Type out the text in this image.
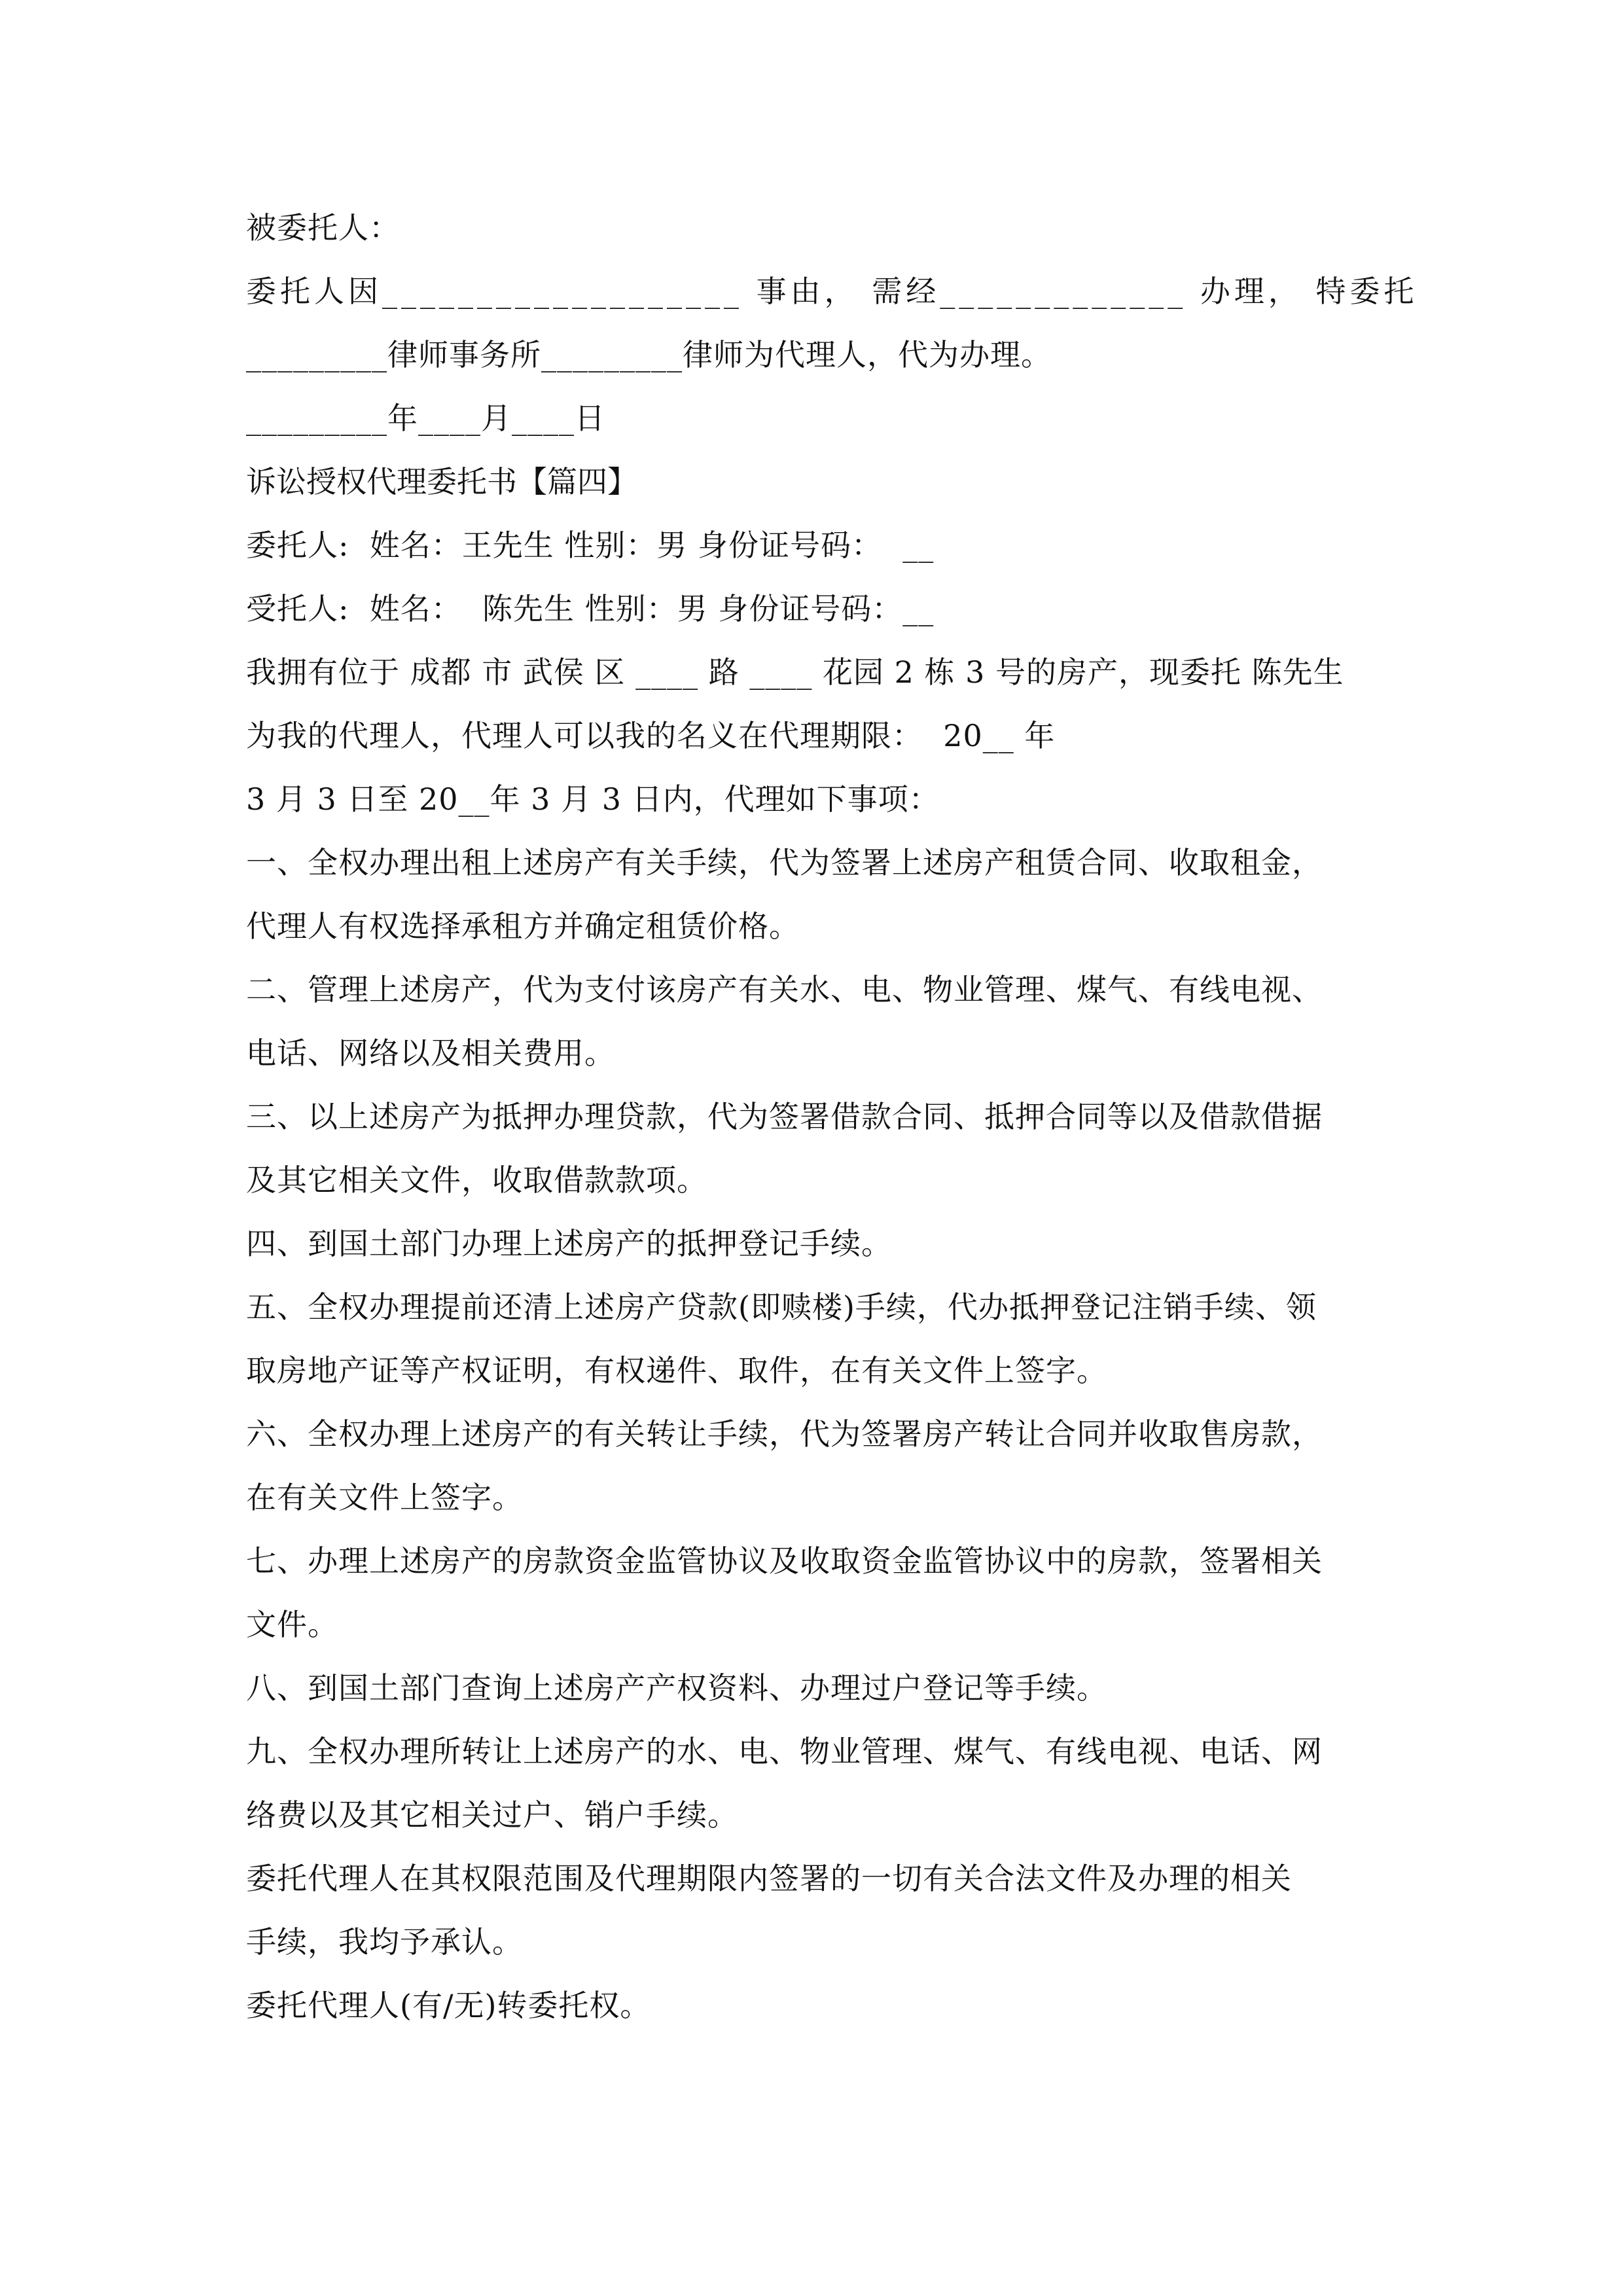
被委托人：
委托人因___________________ 事由， 需经_____________ 办理， 特委托
_________律师事务所_________律师为代理人，代为办理。
_________年____月____日
诉讼授权代理委托书【篇四】
委托人:  姓名：王先生 性别：男 身份证号码：  __
受托人:  姓名：  陈先生 性别：男 身份证号码：__
我拥有位于 成都 市 武侯 区 ____ 路 ____ 花园 2 栋 3 号的房产，现委托 陈先生
为我的代理人，代理人可以我的名义在代理期限：  20__ 年
3 月 3 日至 20__年 3 月 3 日内，代理如下事项：
一、全权办理出租上述房产有关手续，代为签署上述房产租赁合同、收取租金，
代理人有权选择承租方并确定租赁价格。
二、管理上述房产，代为支付该房产有关水、电、物业管理、煤气、有线电视、
电话、网络以及相关费用。
三、以上述房产为抵押办理贷款，代为签署借款合同、抵押合同等以及借款借据
及其它相关文件，收取借款款项。
四、到国土部门办理上述房产的抵押登记手续。
五、全权办理提前还清上述房产贷款(即赎楼)手续，代办抵押登记注销手续、领
取房地产证等产权证明，有权递件、取件，在有关文件上签字。
六、全权办理上述房产的有关转让手续，代为签署房产转让合同并收取售房款，
在有关文件上签字。
七、办理上述房产的房款资金监管协议及收取资金监管协议中的房款，签署相关
文件。
八、到国土部门查询上述房产产权资料、办理过户登记等手续。
九、全权办理所转让上述房产的水、电、物业管理、煤气、有线电视、电话、网
络费以及其它相关过户、销户手续。
委托代理人在其权限范围及代理期限内签署的一切有关合法文件及办理的相关
手续，我均予承认。
委托代理人(有/无)转委托权。
